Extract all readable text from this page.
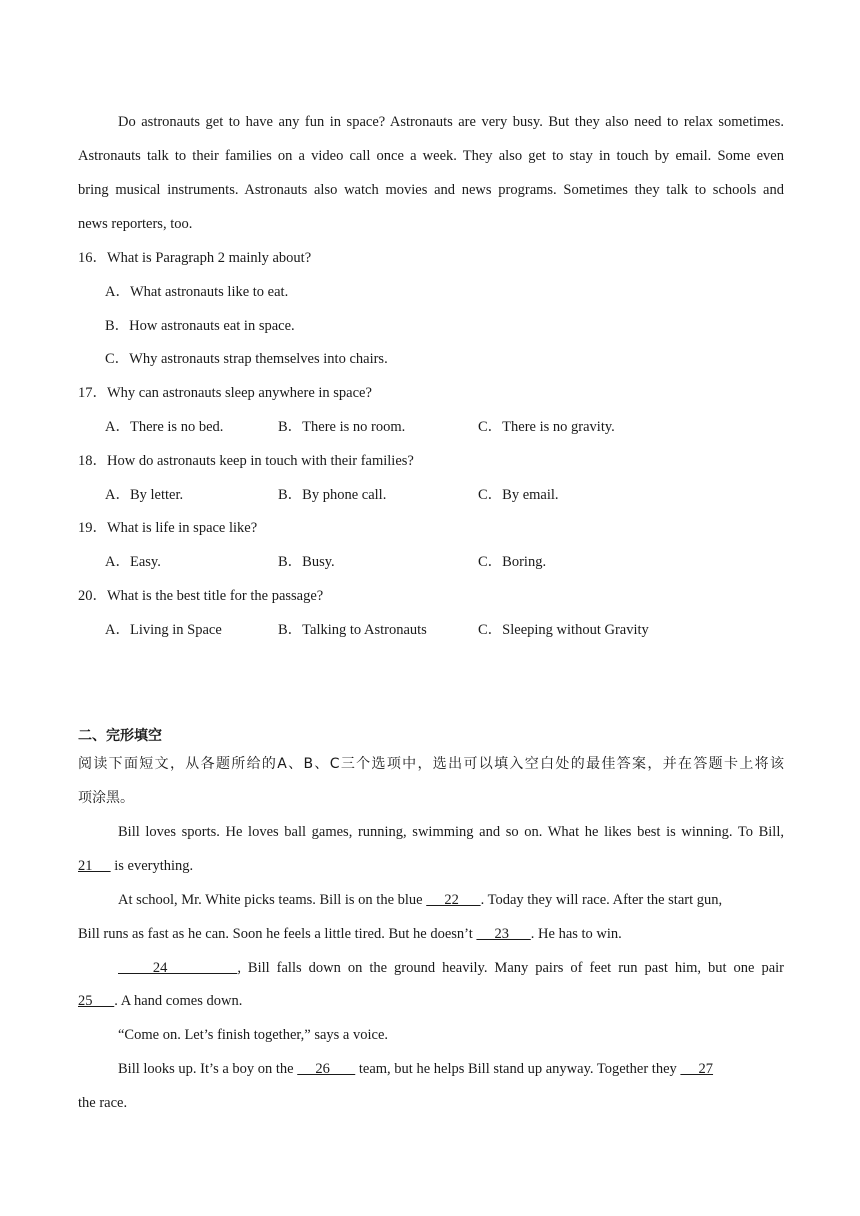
Do astronauts get to have any fun in space? Astronauts are very busy. But they also need to relax sometimes.
Astronauts talk to their families on a video call once a week. They also get to stay in touch by email. Some even
bring musical instruments. Astronauts also watch movies and news programs. Sometimes they talk to schools and
news reporters, too.
16．What is Paragraph 2 mainly about?
A．What astronauts like to eat.
B．How astronauts eat in space.
C．Why astronauts strap themselves into chairs.
17．Why can astronauts sleep anywhere in space?
A．There is no bed.	B．There is no room.	C．There is no gravity.
18．How do astronauts keep in touch with their families?
A．By letter.	B．By phone call.	C．By email.
19．What is life in space like?
A．Easy.	B．Busy.	C．Boring.
20．What is the best title for the passage?
A．Living in Space	B．Talking to Astronauts	C．Sleeping without Gravity
二、完形填空
阅读下面短文，从各题所给的A、B、C三个选项中，选出可以填入空白处的最佳答案，并在答题卡上将该
项涂黑。
Bill loves sports. He loves ball games, running, swimming and so on. What he likes best is winning. To Bill,
21      is everything.
At school, Mr. White picks teams. Bill is on the blue      22      . Today they will race. After the start gun,
Bill runs as fast as he can. Soon he feels a little tired. But he doesn’t      23      . He has to win.
24          , Bill falls down on the ground heavily. Many pairs of feet run past him, but one pair
25      . A hand comes down.
“Come on. Let’s finish together,” says a voice.
Bill looks up. It’s a boy on the      26        team, but he helps Bill stand up anyway. Together they      27
the race.
